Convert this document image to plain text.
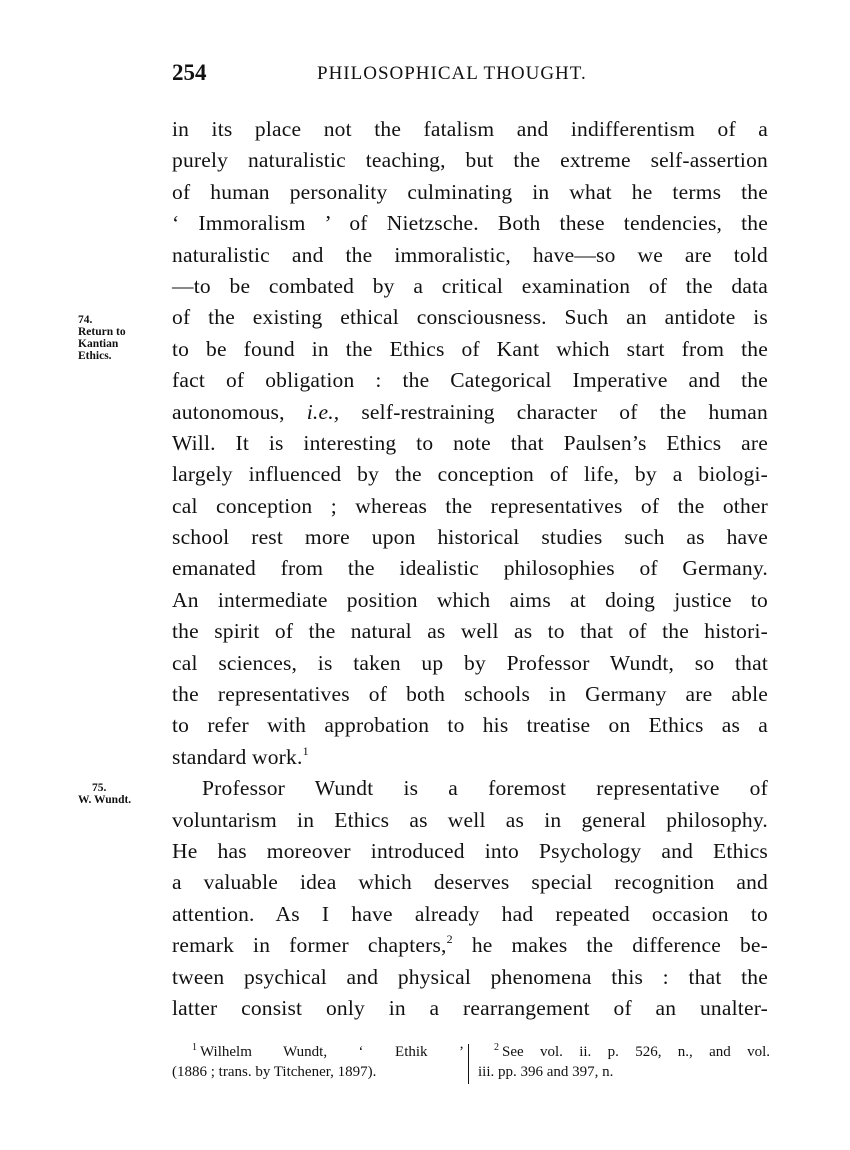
254	PHILOSOPHICAL THOUGHT.
74.
Return to
Kantian
Ethics.
75.
W. Wundt.
in its place not the fatalism and indifferentism of a
purely naturalistic teaching, but the extreme self-assertion
of human personality culminating in what he terms the
‘ Immoralism ’ of Nietzsche. Both these tendencies, the
naturalistic and the immoralistic, have—so we are told
—to be combated by a critical examination of the data
of the existing ethical consciousness. Such an antidote is
to be found in the Ethics of Kant which start from the
fact of obligation : the Categorical Imperative and the
autonomous, i.e., self-restraining character of the human
Will. It is interesting to note that Paulsen’s Ethics are
largely influenced by the conception of life, by a biologi-
cal conception ; whereas the representatives of the other
school rest more upon historical studies such as have
emanated from the idealistic philosophies of Germany.
An intermediate position which aims at doing justice to
the spirit of the natural as well as to that of the histori-
cal sciences, is taken up by Professor Wundt, so that
the representatives of both schools in Germany are able
to refer with approbation to his treatise on Ethics as a
standard work.$^1$
Professor Wundt is a foremost representative of
voluntarism in Ethics as well as in general philosophy.
He has moreover introduced into Psychology and Ethics
a valuable idea which deserves special recognition and
attention. As I have already had repeated occasion to
remark in former chapters,$^2$ he makes the difference be-
tween psychical and physical phenomena this : that the
latter consist only in a rearrangement of an unalter-
$^1$ Wilhelm Wundt, ‘ Ethik ’
(1886 ; trans. by Titchener, 1897).
$^2$ See vol. ii. p. 526, n., and vol.
iii. pp. 396 and 397, n.
